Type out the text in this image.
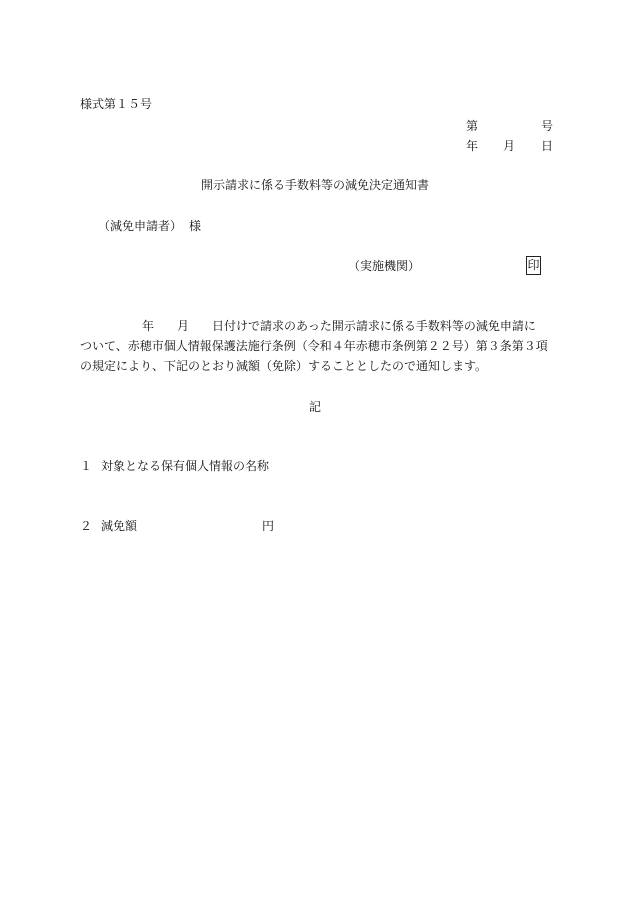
様式第１５号
第	号
年 月 日
開示請求に係る手数料等の減免決定通知書
（減免申請者） 様
（実施機関）	印
年 月 日付けで請求のあった開示請求に係る手数料等の減免申請に
ついて、赤穂市個人情報保護法施行条例（令和４年赤穂市条例第２２号）第３条第３項
の規定により、下記のとおり減額（免除）することとしたので通知します。
記
１ 対象となる保有個人情報の名称
２ 減免額	円
